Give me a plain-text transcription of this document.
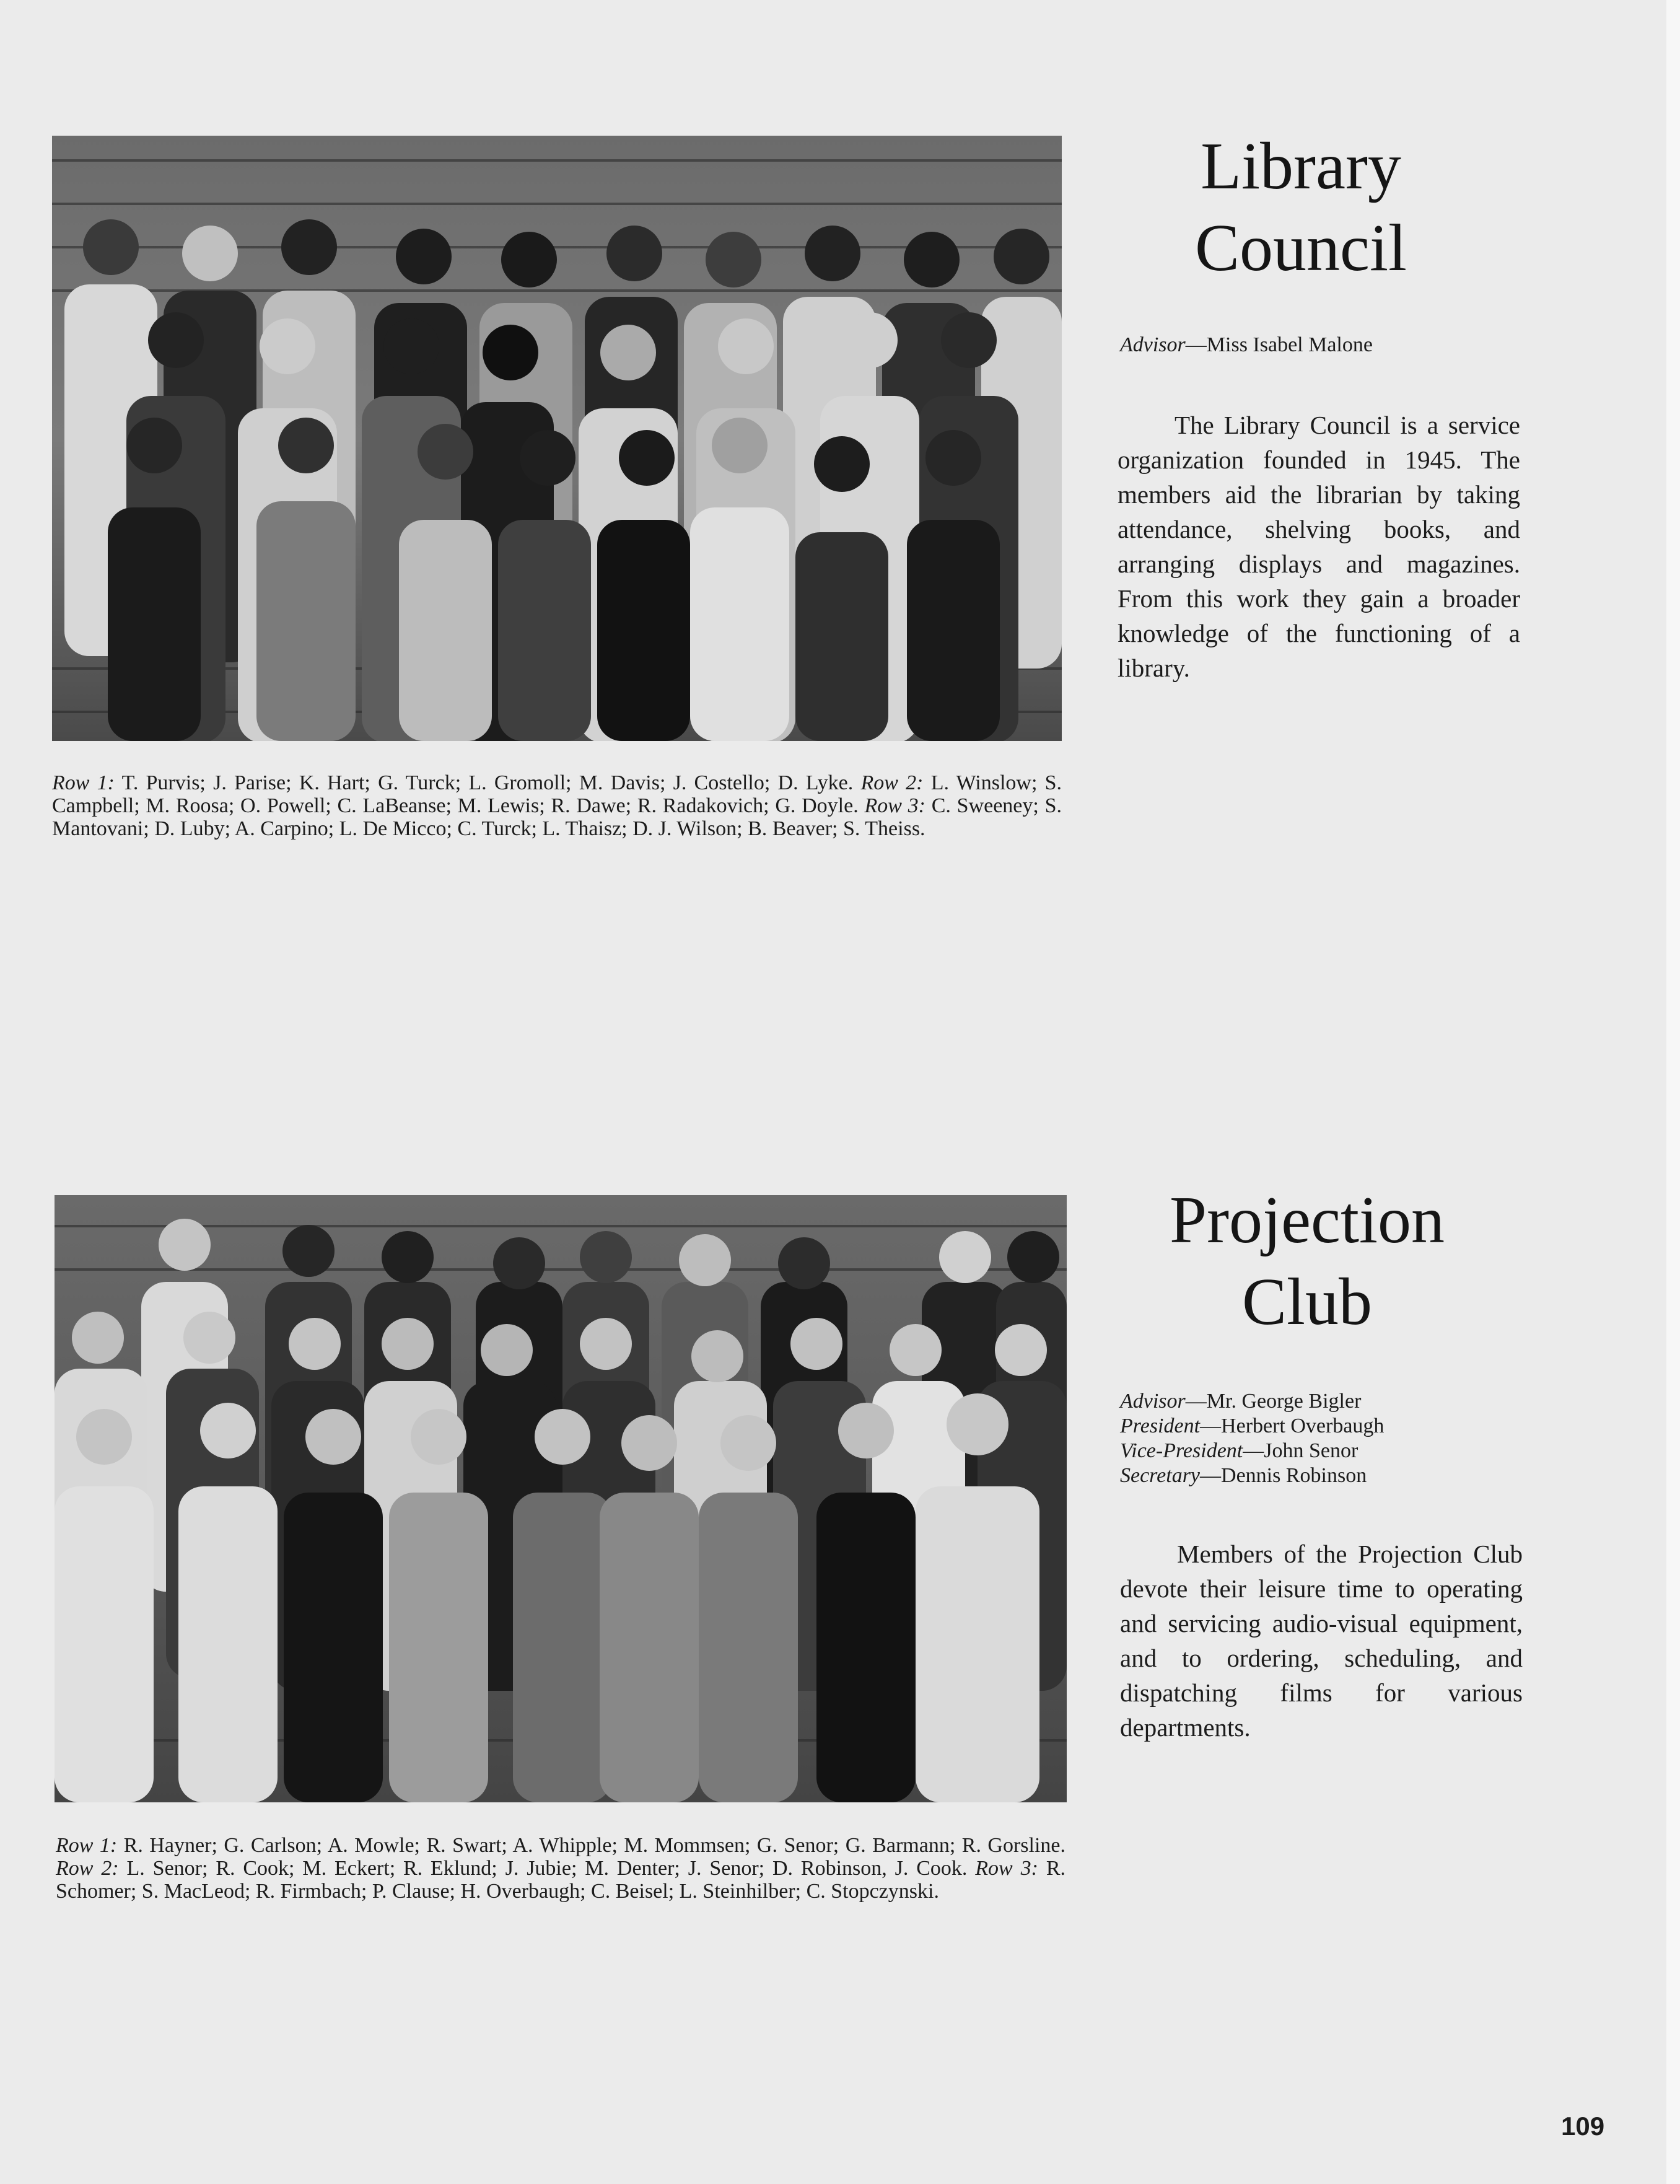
Library
Council
Advisor—Miss Isabel Malone

The Library Council is a service organization founded in 1945. The members aid the librarian by taking attendance, shelving books, and arranging displays and magazines. From this work they gain a broader knowledge of the functioning of a library.

Row 1: T. Purvis; J. Parise; K. Hart; G. Turck; L. Gromoll; M. Davis; J. Costello; D. Lyke. Row 2: L. Winslow; S. Campbell; M. Roosa; O. Powell; C. LaBeanse; M. Lewis; R. Dawe; R. Radakovich; G. Doyle. Row 3: C. Sweeney; S. Mantovani; D. Luby; A. Carpino; L. De Micco; C. Turck; L. Thaisz; D. J. Wilson; B. Beaver; S. Theiss.

Projection
Club
Advisor—Mr. George Bigler
President—Herbert Overbaugh
Vice-President—John Senor
Secretary—Dennis Robinson

Members of the Projection Club devote their leisure time to operating and servicing audio-visual equipment, and to ordering, scheduling, and dispatching films for various departments.

Row 1: R. Hayner; G. Carlson; A. Mowle; R. Swart; A. Whipple; M. Mommsen; G. Senor; G. Barmann; R. Gorsline. Row 2: L. Senor; R. Cook; M. Eckert; R. Eklund; J. Jubie; M. Denter; J. Senor; D. Robinson, J. Cook. Row 3: R. Schomer; S. MacLeod; R. Firmbach; P. Clause; H. Overbaugh; C. Beisel; L. Steinhilber; C. Stopczynski.

109
